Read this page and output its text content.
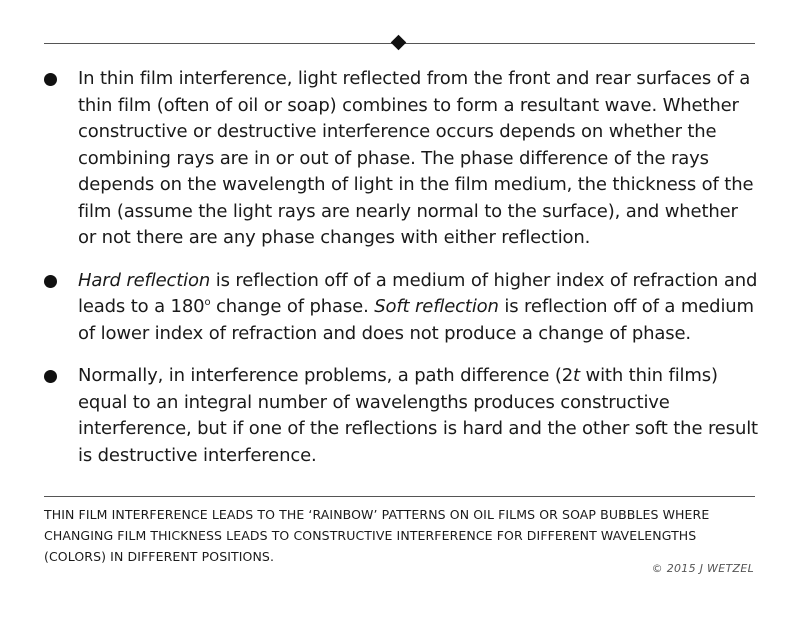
In thin film interference, light reflected from the front and rear surfaces of a thin film (often of oil or soap) combines to form a resultant wave. Whether constructive or destructive interference occurs depends on whether the combining rays are in or out of phase. The phase difference of the rays depends on the wavelength of light in the film medium, the thickness of the film (assume the light rays are nearly normal to the surface), and whether or not there are any phase changes with either reflection.
Hard reflection is reflection off of a medium of higher index of refraction and leads to a 180$^o$ change of phase. Soft reflection is reflection off of a medium of lower index of refraction and does not produce a change of phase.
Normally, in interference problems, a path difference (2t with thin films) equal to an integral number of wavelengths produces constructive interference, but if one of the reflections is hard and the other soft the result is destructive interference.
THIN FILM INTERFERENCE LEADS TO THE ‘RAINBOW’ PATTERNS ON OIL FILMS OR SOAP BUBBLES WHERE CHANGING FILM THICKNESS LEADS TO CONSTRUCTIVE INTERFERENCE FOR DIFFERENT WAVELENGTHS (COLORS) IN DIFFERENT POSITIONS.
© 2015 J WETZEL
